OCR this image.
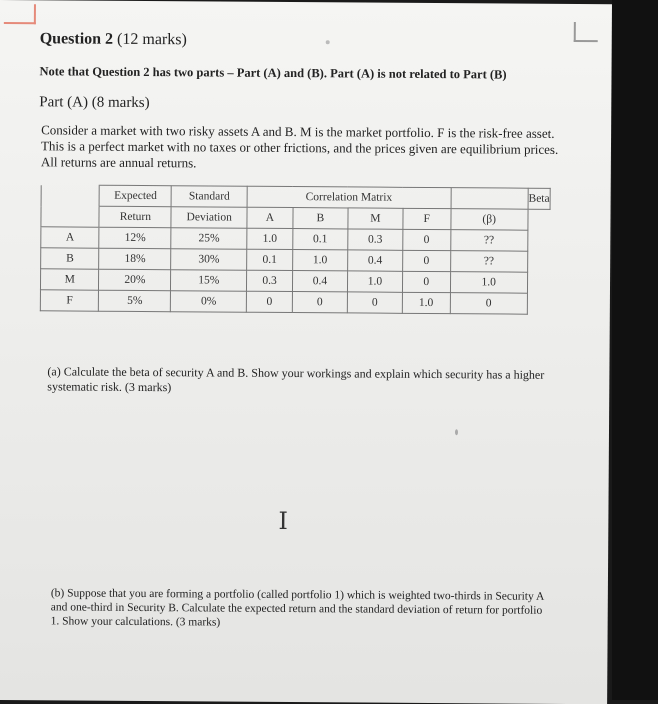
Question 2 (12 marks)
Note that Question 2 has two parts – Part (A) and (B). Part (A) is not related to Part (B)
Part (A) (8 marks)
Consider a market with two risky assets A and B. M is the market portfolio. F is the risk-free asset. This is a perfect market with no taxes or other frictions, and the prices given are equilibrium prices. All returns are annual returns.
	Expected	Standard	Correlation Matrix					Beta
	Return	Deviation	A	B	M	F	(β)	
A	12%	25%	1.0	0.1	0.3	0	??	
B	18%	30%	0.1	1.0	0.4	0	??	
M	20%	15%	0.3	0.4	1.0	0	1.0	
F	5%	0%	0	0	0	1.0	0	
(a) Calculate the beta of security A and B. Show your workings and explain which security has a higher systematic risk. (3 marks)
I
(b) Suppose that you are forming a portfolio (called portfolio 1) which is weighted two-thirds in Security A and one-third in Security B. Calculate the expected return and the standard deviation of return for portfolio 1. Show your calculations. (3 marks)
